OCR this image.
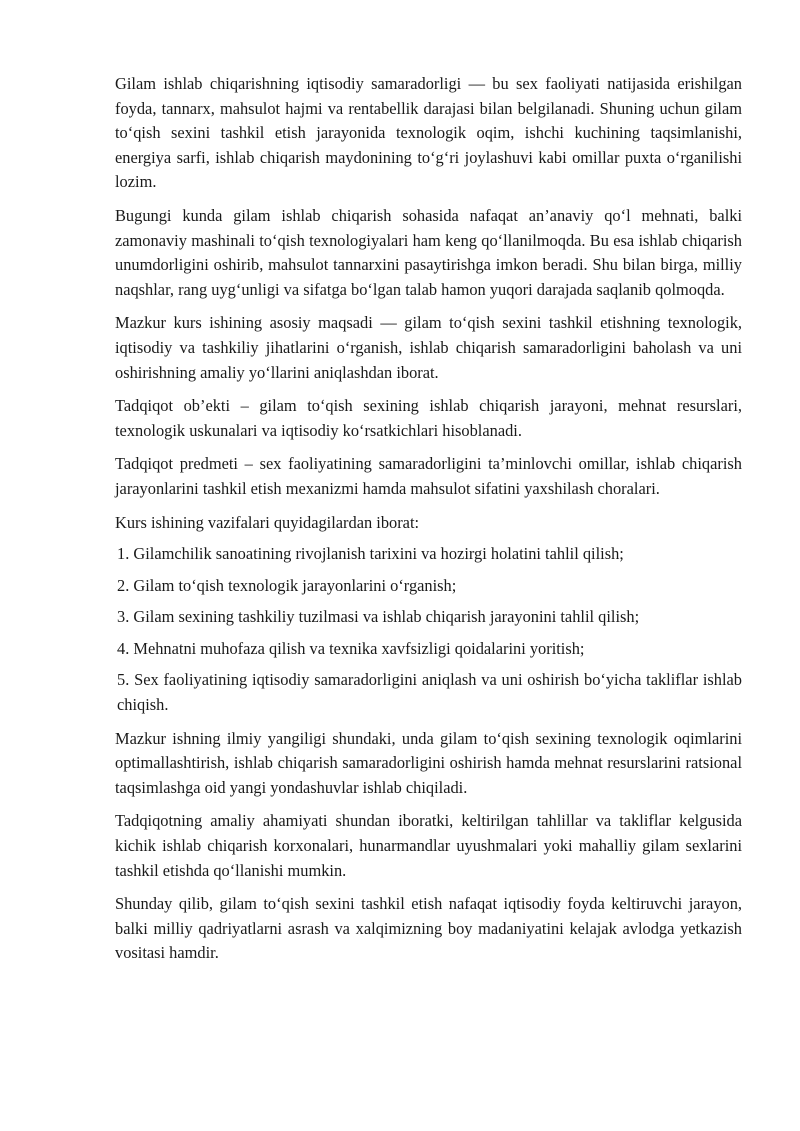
Gilam ishlab chiqarishning iqtisodiy samaradorligi — bu sex faoliyati natijasida erishilgan foyda, tannarx, mahsulot hajmi va rentabellik darajasi bilan belgilanadi. Shuning uchun gilam to‘qish sexini tashkil etish jarayonida texnologik oqim, ishchi kuchining taqsimlanishi, energiya sarfi, ishlab chiqarish maydonining to‘g‘ri joylashuvi kabi omillar puxta o‘rganilishi lozim.

Bugungi kunda gilam ishlab chiqarish sohasida nafaqat an’anaviy qo‘l mehnati, balki zamonaviy mashinali to‘qish texnologiyalari ham keng qo‘llanilmoqda. Bu esa ishlab chiqarish unumdorligini oshirib, mahsulot tannarxini pasaytirishga imkon beradi. Shu bilan birga, milliy naqshlar, rang uyg‘unligi va sifatga bo‘lgan talab hamon yuqori darajada saqlanib qolmoqda.

Mazkur kurs ishining asosiy maqsadi — gilam to‘qish sexini tashkil etishning texnologik, iqtisodiy va tashkiliy jihatlarini o‘rganish, ishlab chiqarish samaradorligini baholash va uni oshirishning amaliy yo‘llarini aniqlashdan iborat.

Tadqiqot ob’ekti – gilam to‘qish sexining ishlab chiqarish jarayoni, mehnat resurslari, texnologik uskunalari va iqtisodiy ko‘rsatkichlari hisoblanadi.

Tadqiqot predmeti – sex faoliyatining samaradorligini ta’minlovchi omillar, ishlab chiqarish jarayonlarini tashkil etish mexanizmi hamda mahsulot sifatini yaxshilash choralari.

Kurs ishining vazifalari quyidagilardan iborat:

1. Gilamchilik sanoatining rivojlanish tarixini va hozirgi holatini tahlil qilish;

2. Gilam to‘qish texnologik jarayonlarini o‘rganish;

3. Gilam sexining tashkiliy tuzilmasi va ishlab chiqarish jarayonini tahlil qilish;

4. Mehnatni muhofaza qilish va texnika xavfsizligi qoidalarini yoritish;

5. Sex faoliyatining iqtisodiy samaradorligini aniqlash va uni oshirish bo‘yicha takliflar ishlab chiqish.

Mazkur ishning ilmiy yangiligi shundaki, unda gilam to‘qish sexining texnologik oqimlarini optimallashtirish, ishlab chiqarish samaradorligini oshirish hamda mehnat resurslarini ratsional taqsimlashga oid yangi yondashuvlar ishlab chiqiladi.

Tadqiqotning amaliy ahamiyati shundan iboratki, keltirilgan tahlillar va takliflar kelgusida kichik ishlab chiqarish korxonalari, hunarmandlar uyushmalari yoki mahalliy gilam sexlarini tashkil etishda qo‘llanishi mumkin.

Shunday qilib, gilam to‘qish sexini tashkil etish nafaqat iqtisodiy foyda keltiruvchi jarayon, balki milliy qadriyatlarni asrash va xalqimizning boy madaniyatini kelajak avlodga yetkazish vositasi hamdir.
